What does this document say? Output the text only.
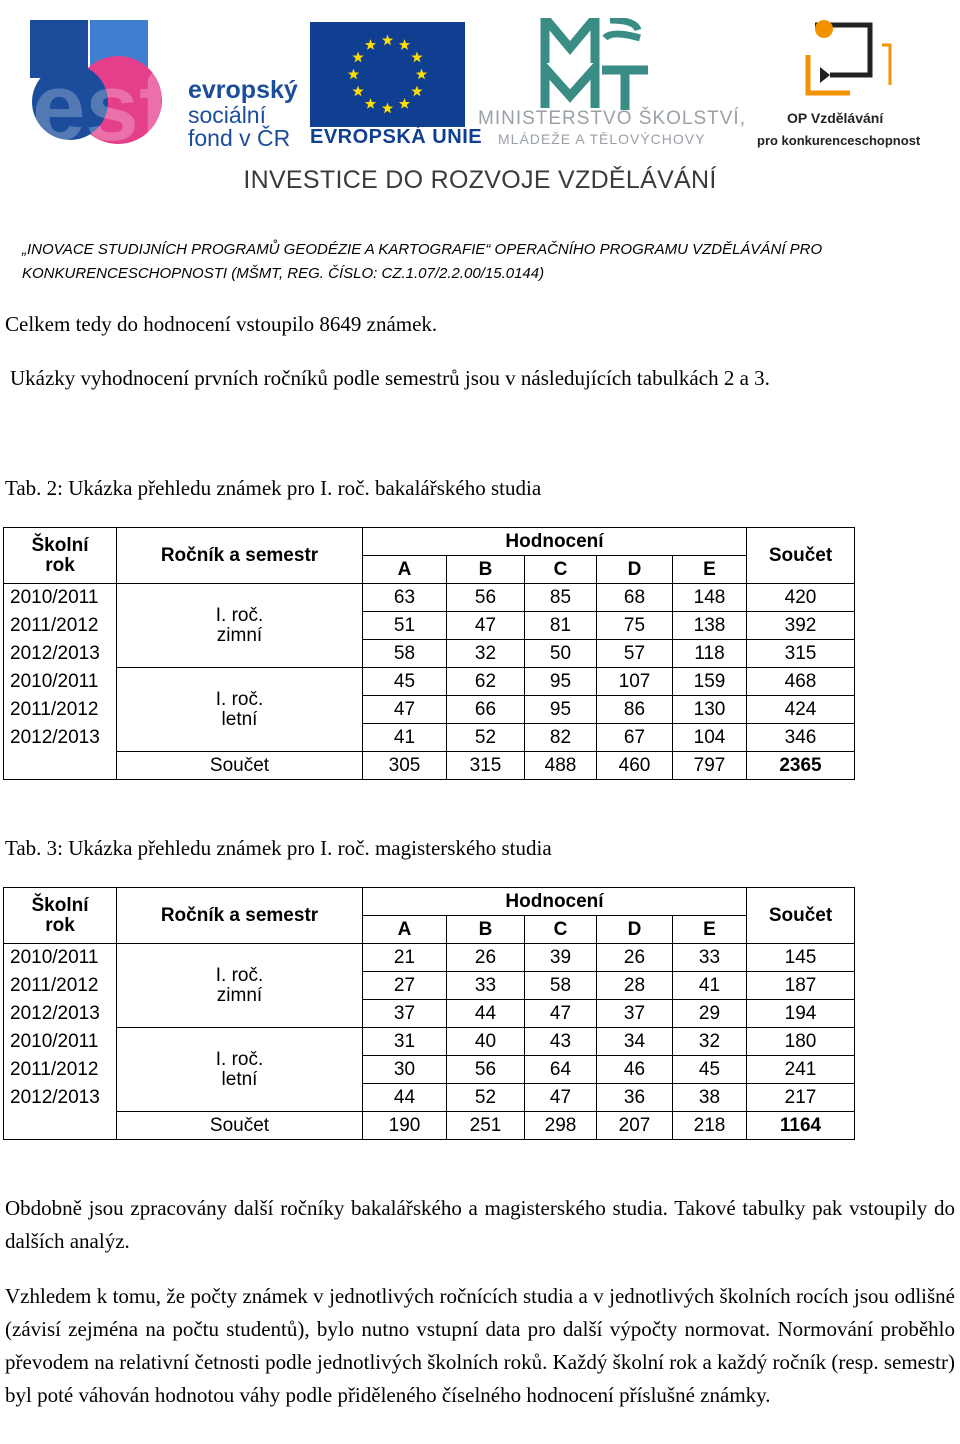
esf evropský
sociální
fond v ČR EVROPSKÁ UNIE
MINISTERSTVO ŠKOLSTVÍ,
MLÁDEŽE A TĚLOVÝCHOVY
OP Vzdělávání
pro konkurenceschopnost
INVESTICE DO ROZVOJE VZDĚLÁVÁNÍ
„INOVACE STUDIJNÍCH PROGRAMŮ GEODÉZIE A KARTOGRAFIE“ OPERAČNÍHO PROGRAMU VZDĚLÁVÁNÍ PRO
KONKURENCESCHOPNOSTI (MŠMT, REG. ČÍSLO: CZ.1.07/2.2.00/15.0144)
Celkem tedy do hodnocení vstoupilo 8649 známek.
Ukázky vyhodnocení prvních ročníků podle semestrů jsou v následujících tabulkách 2 a 3.
Tab. 2: Ukázka přehledu známek pro I. roč. bakalářského studia
Školní
rok	Ročník a semestr	Hodnocení					Součet
		A	B	C	D	E	
2010/2011	I. roč.
zimní	63	56	85	68	148	420
2011/2012		51	47	81	75	138	392
2012/2013		58	32	50	57	118	315
2010/2011	I. roč.
letní	45	62	95	107	159	468
2011/2012		47	66	95	86	130	424
2012/2013		41	52	82	67	104	346
	Součet	305	315	488	460	797	2365
Tab. 3: Ukázka přehledu známek pro I. roč. magisterského studia
Školní
rok	Ročník a semestr	Hodnocení					Součet
		A	B	C	D	E	
2010/2011	I. roč.
zimní	21	26	39	26	33	145
2011/2012		27	33	58	28	41	187
2012/2013		37	44	47	37	29	194
2010/2011	I. roč.
letní	31	40	43	34	32	180
2011/2012		30	56	64	46	45	241
2012/2013		44	52	47	36	38	217
	Součet	190	251	298	207	218	1164
Obdobně jsou zpracovány další ročníky bakalářského a magisterského studia. Takové tabulky pak vstoupily do dalších analýz.
Vzhledem k tomu, že počty známek v jednotlivých ročnících studia a v jednotlivých školních rocích jsou odlišné (závisí zejména na počtu studentů), bylo nutno vstupní data pro další výpočty normovat. Normování proběhlo převodem na relativní četnosti podle jednotlivých školních roků. Každý školní rok a každý ročník (resp. semestr) byl poté váhován hodnotou váhy podle přiděleného číselného hodnocení příslušné známky.
